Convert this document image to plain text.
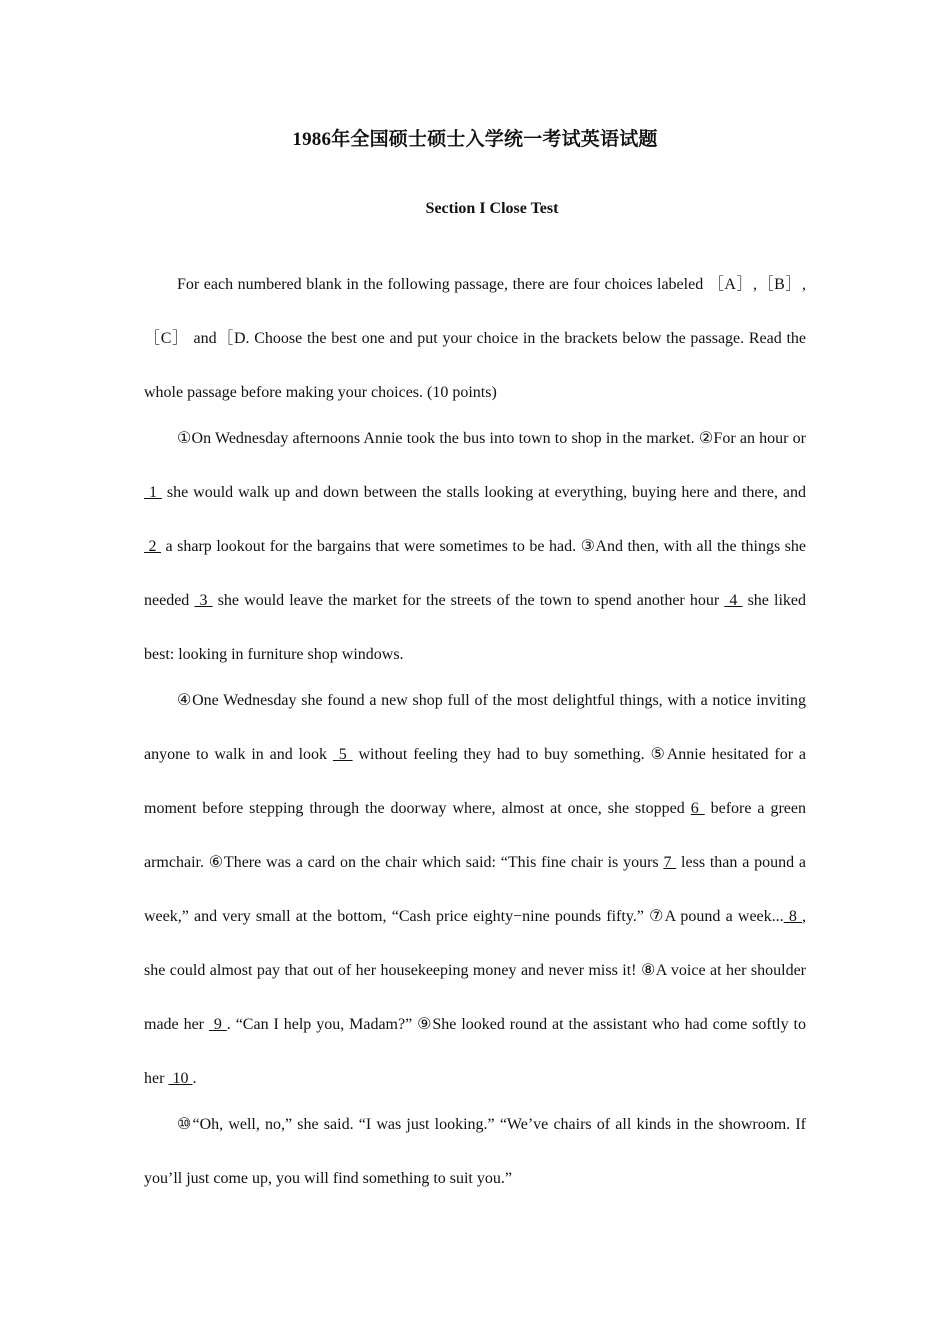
1986年全国硕士硕士入学统一考试英语试题
Section I Close Test

For each numbered blank in the following passage, there are four choices labeled ［A］,［B］,［C］ and［D. Choose the best one and put your choice in the brackets below the passage. Read the whole passage before making your choices. (10 points)

①On Wednesday afternoons Annie took the bus into town to shop in the market. ②For an hour or  1  she would walk up and down between the stalls looking at everything, buying here and there, and  2  a sharp lookout for the bargains that were sometimes to be had. ③And then, with all the things she needed  3  she would leave the market for the streets of the town to spend another hour  4  she liked best: looking in furniture shop windows.

④One Wednesday she found a new shop full of the most delightful things, with a notice inviting anyone to walk in and look  5  without feeling they had to buy something. ⑤Annie hesitated for a moment before stepping through the doorway where, almost at once, she stopped 6  before a green armchair. ⑥There was a card on the chair which said: “This fine chair is yours 7  less than a pound a week,” and very small at the bottom, “Cash price eighty−nine pounds fifty.” ⑦A pound a week... 8 , she could almost pay that out of her housekeeping money and never miss it! ⑧A voice at her shoulder made her  9 . “Can I help you, Madam?” ⑨She looked round at the assistant who had come softly to her  10 .

⑩“Oh, well, no,” she said. “I was just looking.” “We’ve chairs of all kinds in the showroom. If you’ll just come up, you will find something to suit you.”
